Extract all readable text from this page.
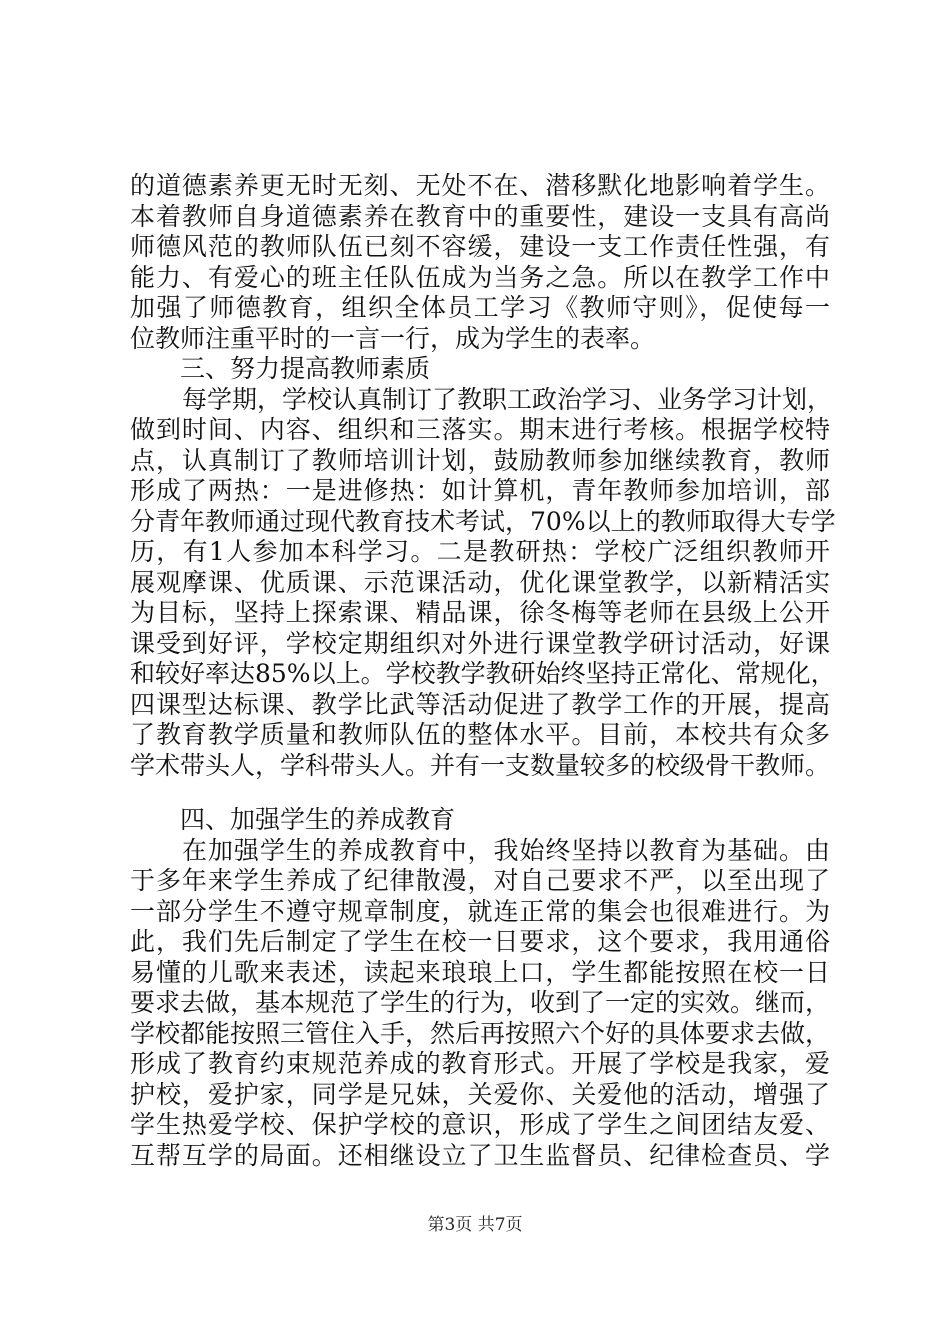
的道德素养更无时无刻、无处不在、潜移默化地影响着学生。
本着教师自身道德素养在教育中的重要性，建设一支具有高尚
师德风范的教师队伍已刻不容缓，建设一支工作责任性强，有
能力、有爱心的班主任队伍成为当务之急。所以在教学工作中
加强了师德教育，组织全体员工学习《教师守则》，促使每一
位教师注重平时的一言一行，成为学生的表率。
三、努力提高教师素质
每学期，学校认真制订了教职工政治学习、业务学习计划，
做到时间、内容、组织和三落实。期末进行考核。根据学校特
点，认真制订了教师培训计划，鼓励教师参加继续教育，教师
形成了两热：一是进修热：如计算机，青年教师参加培训，部
分青年教师通过现代教育技术考试，70%以上的教师取得大专学
历，有1人参加本科学习。二是教研热：学校广泛组织教师开
展观摩课、优质课、示范课活动，优化课堂教学，以新精活实
为目标，坚持上探索课、精品课，徐冬梅等老师在县级上公开
课受到好评，学校定期组织对外进行课堂教学研讨活动，好课
和较好率达85%以上。学校教学教研始终坚持正常化、常规化，
四课型达标课、教学比武等活动促进了教学工作的开展，提高
了教育教学质量和教师队伍的整体水平。目前，本校共有众多
学术带头人，学科带头人。并有一支数量较多的校级骨干教师。
四、加强学生的养成教育
在加强学生的养成教育中，我始终坚持以教育为基础。由
于多年来学生养成了纪律散漫，对自己要求不严，以至出现了
一部分学生不遵守规章制度，就连正常的集会也很难进行。为
此，我们先后制定了学生在校一日要求，这个要求，我用通俗
易懂的儿歌来表述，读起来琅琅上口，学生都能按照在校一日
要求去做，基本规范了学生的行为，收到了一定的实效。继而，
学校都能按照三管住入手，然后再按照六个好的具体要求去做，
形成了教育约束规范养成的教育形式。开展了学校是我家，爱
护校，爱护家，同学是兄妹，关爱你、关爱他的活动，增强了
学生热爱学校、保护学校的意识，形成了学生之间团结友爱、
互帮互学的局面。还相继设立了卫生监督员、纪律检查员、学
第3页 共7页
